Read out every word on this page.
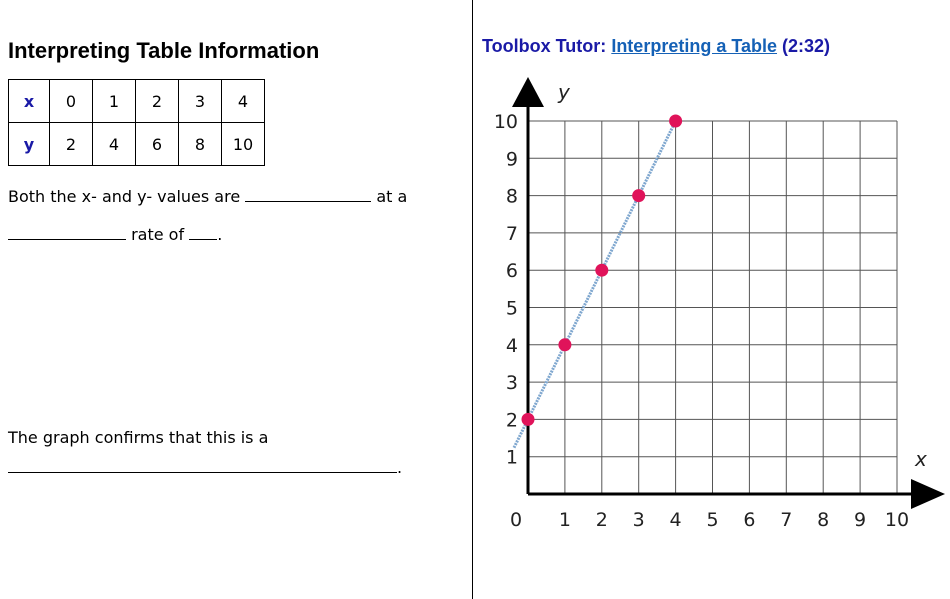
Interpreting Table Information
x	0	1	2	3	4
y	2	4	6	8	10
Both the x- and y- values are	at a
rate of .
The graph confirms that this is a
.
Toolbox Tutor: Interpreting a Table (2:32)
x
y
0 1 2 3 4 5 6 7 8 9 10
1
2
3
4
5
6
7
8
9
10
